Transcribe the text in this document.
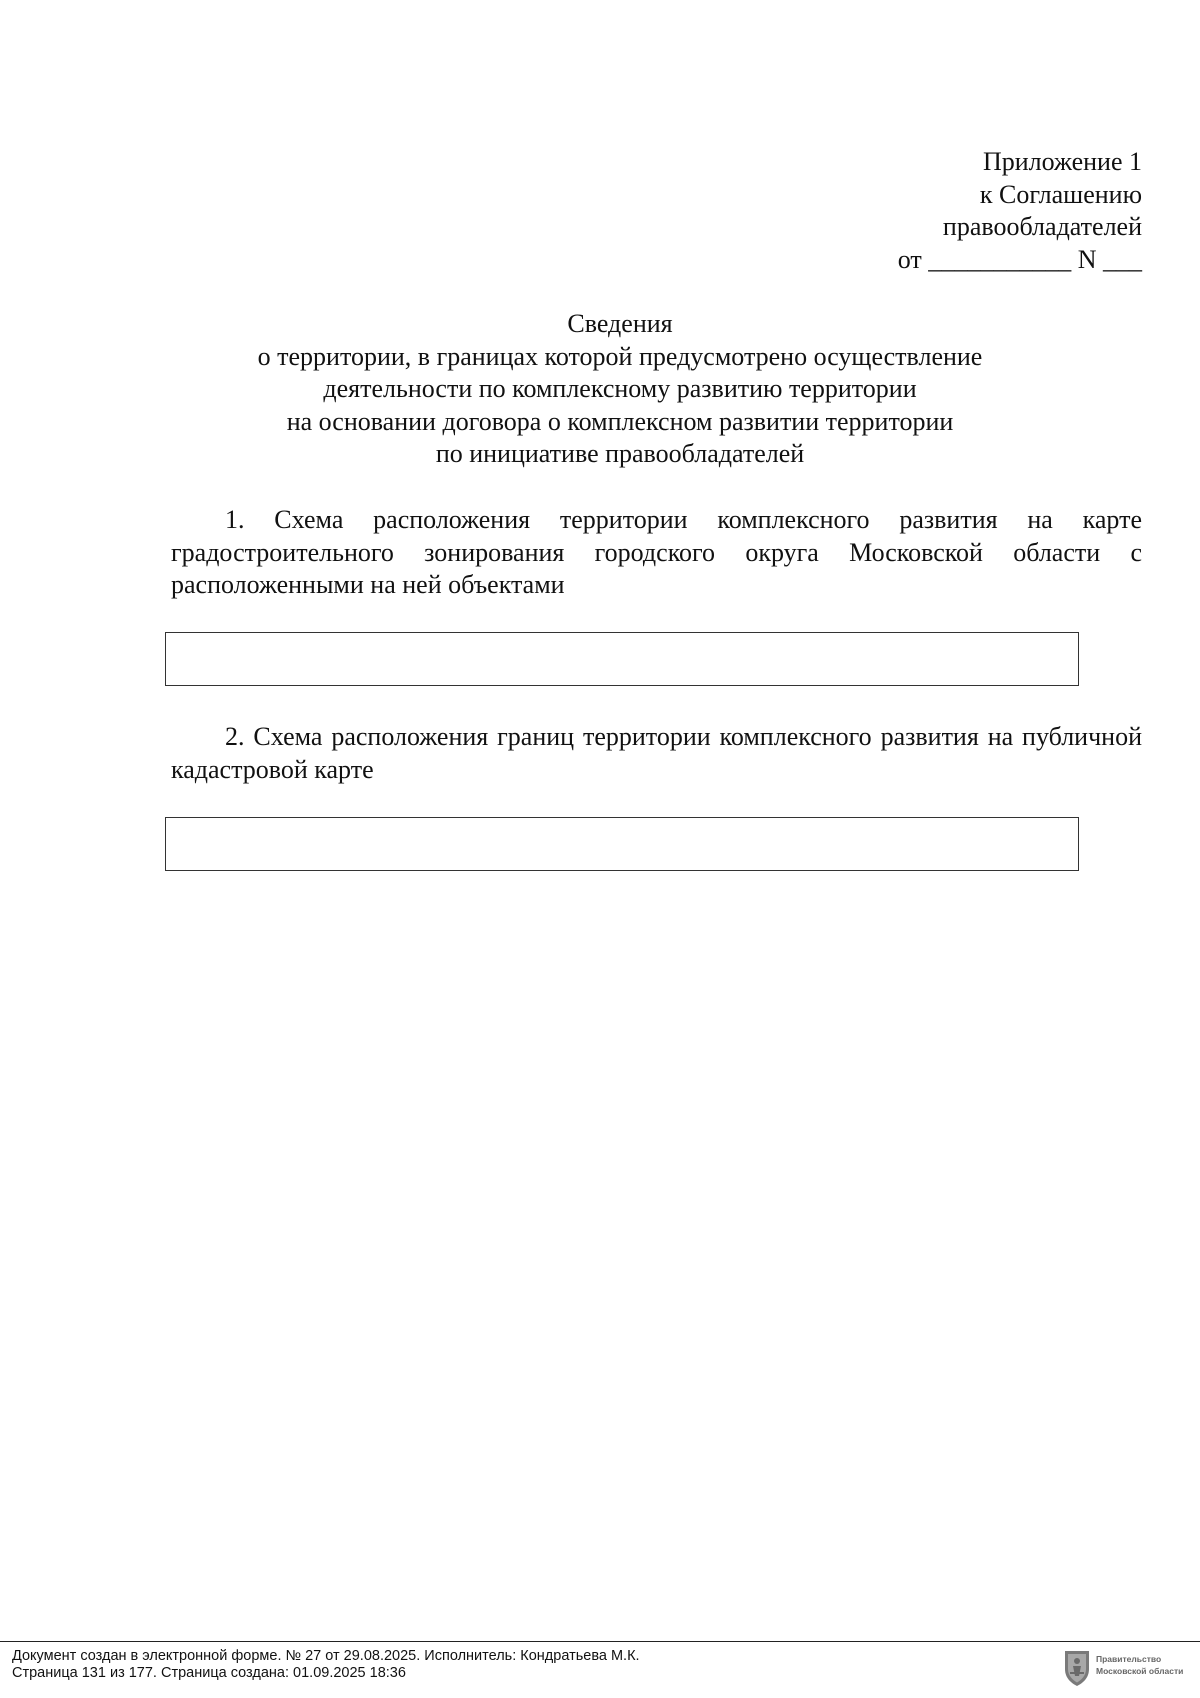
Приложение 1
к Соглашению
правообладателей
от ___________ N ___
Сведения
о территории, в границах которой предусмотрено осуществление
деятельности по комплексному развитию территории
на основании договора о комплексном развитии территории
по инициативе правообладателей
1. Схема расположения территории комплексного развития на карте градостроительного зонирования городского округа Московской области с расположенными на ней объектами
2. Схема расположения границ территории комплексного развития на публичной кадастровой карте
Документ создан в электронной форме. № 27 от 29.08.2025. Исполнитель: Кондратьева М.К.
Страница 131 из 177. Страница создана: 01.09.2025 18:36
Правительство
Московской области
